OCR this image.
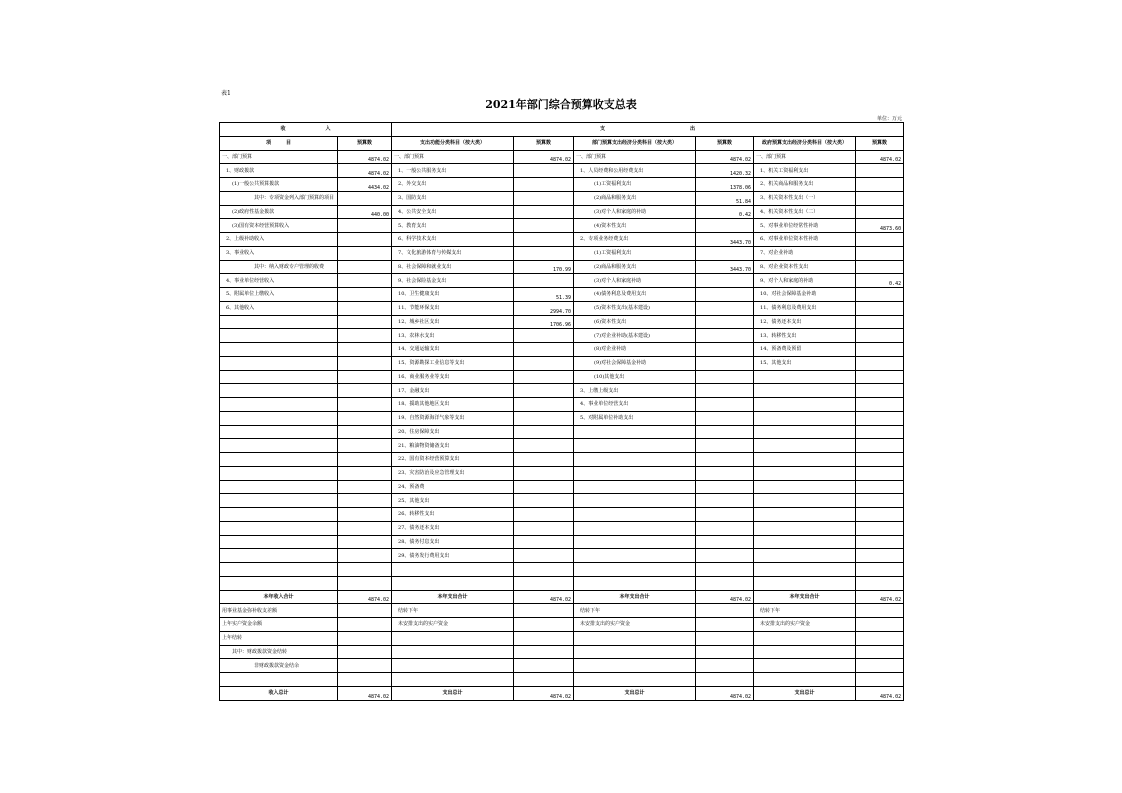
表1
2021年部门综合预算收支总表
单位：万元
收　　　　　　　　入		支　　　　　　　　　　　　　　　　　出					
项　　　目	预算数	支出功能分类科目（按大类）	预算数	部门预算支出经济分类科目（按大类）	预算数	政府预算支出经济分类科目（按大类）	预算数
一、部门预算	4874.02	一、部门预算	4874.02	一、部门预算	4874.02	一、部门预算	4874.02
1、财政拨款	4874.02	1、一般公共服务支出		1、人员经费和公用经费支出	1420.32	1、机关工资福利支出	
(1)一般公共预算拨款	4434.02	2、外交支出		(1)工资福利支出	1378.06	2、机关商品和服务支出	
其中：专项资金列入部门预算的项目		3、国防支出		(2)商品和服务支出	51.84	3、机关资本性支出（一）	
(2)政府性基金拨款	440.00	4、公共安全支出		(3)对个人和家庭的补助	0.42	4、机关资本性支出（二）	
(3)国有资本经营预算收入		5、教育支出		(4)资本性支出		5、对事业单位经常性补助	4873.60
2、上级补助收入		6、科学技术支出		2、专项业务经费支出	3443.70	6、对事业单位资本性补助	
3、事业收入		7、文化旅游体育与传媒支出		(1)工资福利支出		7、对企业补助	
其中：纳入财政专户管理的收费		8、社会保障和就业支出	170.99	(2)商品和服务支出	3443.70	8、对企业资本性支出	
4、事业单位经营收入		9、社会保险基金支出		(3)对个人和家庭补助		9、对个人和家庭的补助	0.42
5、附属单位上缴收入		10、卫生健康支出	51.39	(4)债务利息及费用支出		10、对社会保障基金补助	
6、其他收入		11、节能环保支出	2994.70	(5)资本性支出(基本建设)		11、债务利息及费用支出	
		12、城乡社区支出	1706.96	(6)资本性支出		12、债务还本支出	
		13、农林水支出		(7)对企业补助(基本建设)		13、转移性支出	
		14、交通运输支出		(8)对企业补助		14、预备费及预留	
		15、资源勘探工业信息等支出		(9)对社会保障基金补助		15、其他支出	
		16、商业服务业等支出		(10)其他支出			
		17、金融支出		3、上缴上级支出			
		18、援助其他地区支出		4、事业单位经营支出			
		19、自然资源海洋气象等支出		5、对附属单位补助支出			
		20、住房保障支出					
		21、粮油物资储备支出					
		22、国有资本经营预算支出					
		23、灾害防治及应急管理支出					
		24、预备费					
		25、其他支出					
		26、转移性支出					
		27、债务还本支出					
		28、债务付息支出					
		29、债务发行费用支出					

本年收入合计	4874.02	本年支出合计	4874.02	本年支出合计	4874.02	本年支出合计	4874.02
用事业基金弥补收支差额		结转下年		结转下年		结转下年	
上年实户资金余额		未安排支出的实户资金		未安排支出的实户资金		未安排支出的实户资金	
上年结转							
其中：财政拨款资金结转							
非财政拨款资金结余							

收入总计	4874.02	支出总计	4874.02	支出总计	4874.02	支出总计	4874.02
